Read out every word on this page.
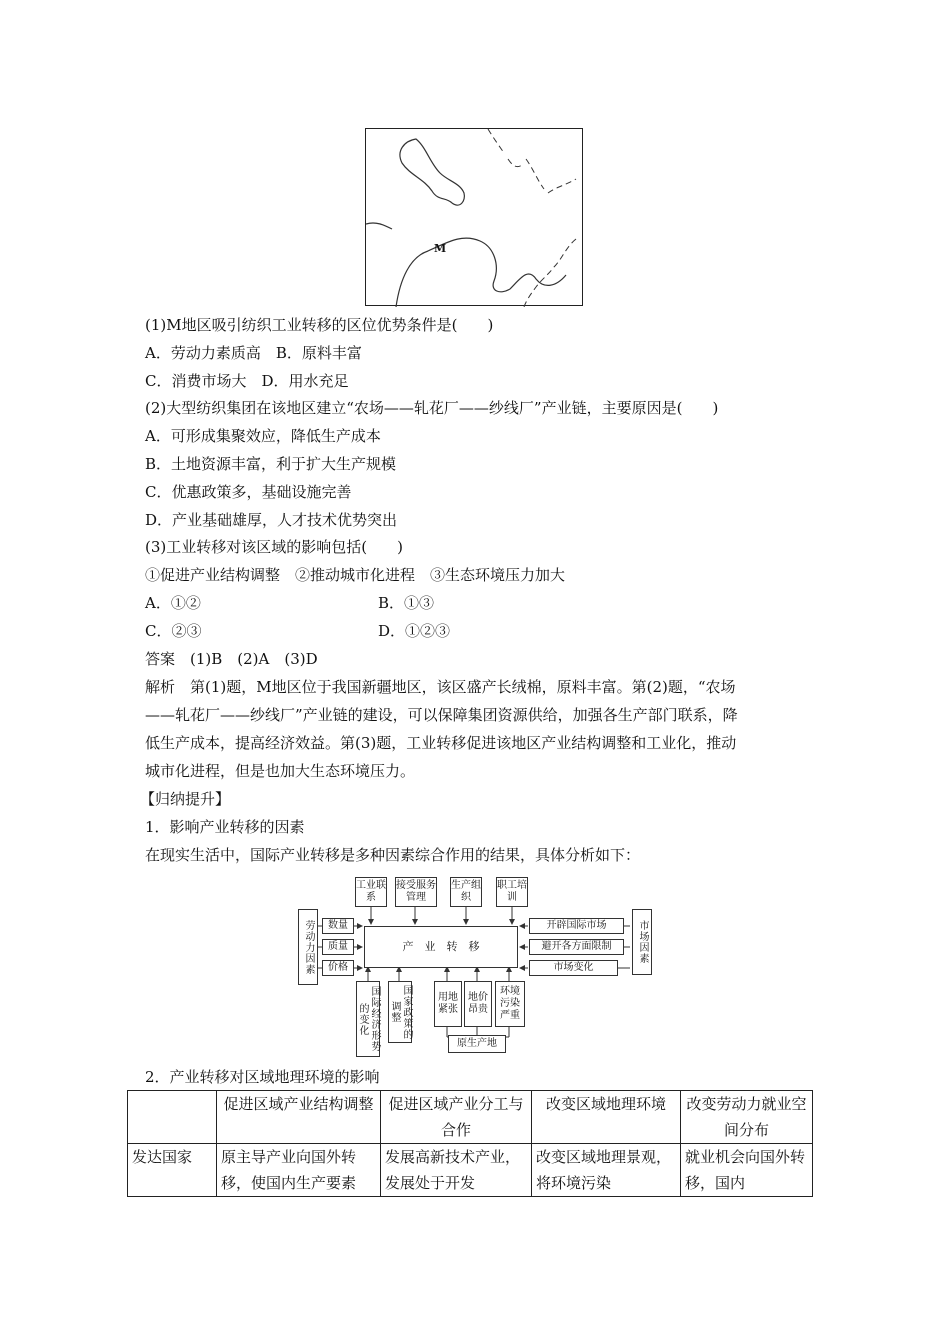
M
(1)M地区吸引纺织工业转移的区位优势条件是(　　)
A．劳动力素质高　B．原料丰富
C．消费市场大　D．用水充足
(2)大型纺织集团在该地区建立“农场——轧花厂——纱线厂”产业链，主要原因是(　　)
A．可形成集聚效应，降低生产成本
B．土地资源丰富，利于扩大生产规模
C．优惠政策多，基础设施完善
D．产业基础雄厚，人才技术优势突出
(3)工业转移对该区域的影响包括(　　)
①促进产业结构调整　②推动城市化进程　③生态环境压力加大
A．①②	B．①③
C．②③	D．①②③
答案　(1)B　(2)A　(3)D
解析　第(1)题，M地区位于我国新疆地区，该区盛产长绒棉，原料丰富。第(2)题，“农场
——轧花厂——纱线厂”产业链的建设，可以保障集团资源供给，加强各生产部门联系，降
低生产成本，提高经济效益。第(3)题，工业转移促进该地区产业结构调整和工业化，推动
城市化进程，但是也加大生态环境压力。
【归纳提升】
1．影响产业转移的因素
在现实生活中，国际产业转移是多种因素综合作用的结果，具体分析如下：
工业联系
接受服务管理
生产组织
职工培训
劳动力因素	数量
质量
价格
产　业　转　移
开辟国际市场
避开各方面限制
市场变化
市场因素
国际经济形势的变化	国家政策的调整
用地紧张
地价昂贵
环境污染严重
原生产地
2．产业转移对区域地理环境的影响
	促进区域产业结构调整	促进区域产业分工与合作	改变区域地理环境	改变劳动力就业空间分布
发达国家	原主导产业向国外转移，使国内生产要素	发展高新技术产业，发展处于开发	改变区域地理景观，将环境污染	就业机会向国外转移，国内
